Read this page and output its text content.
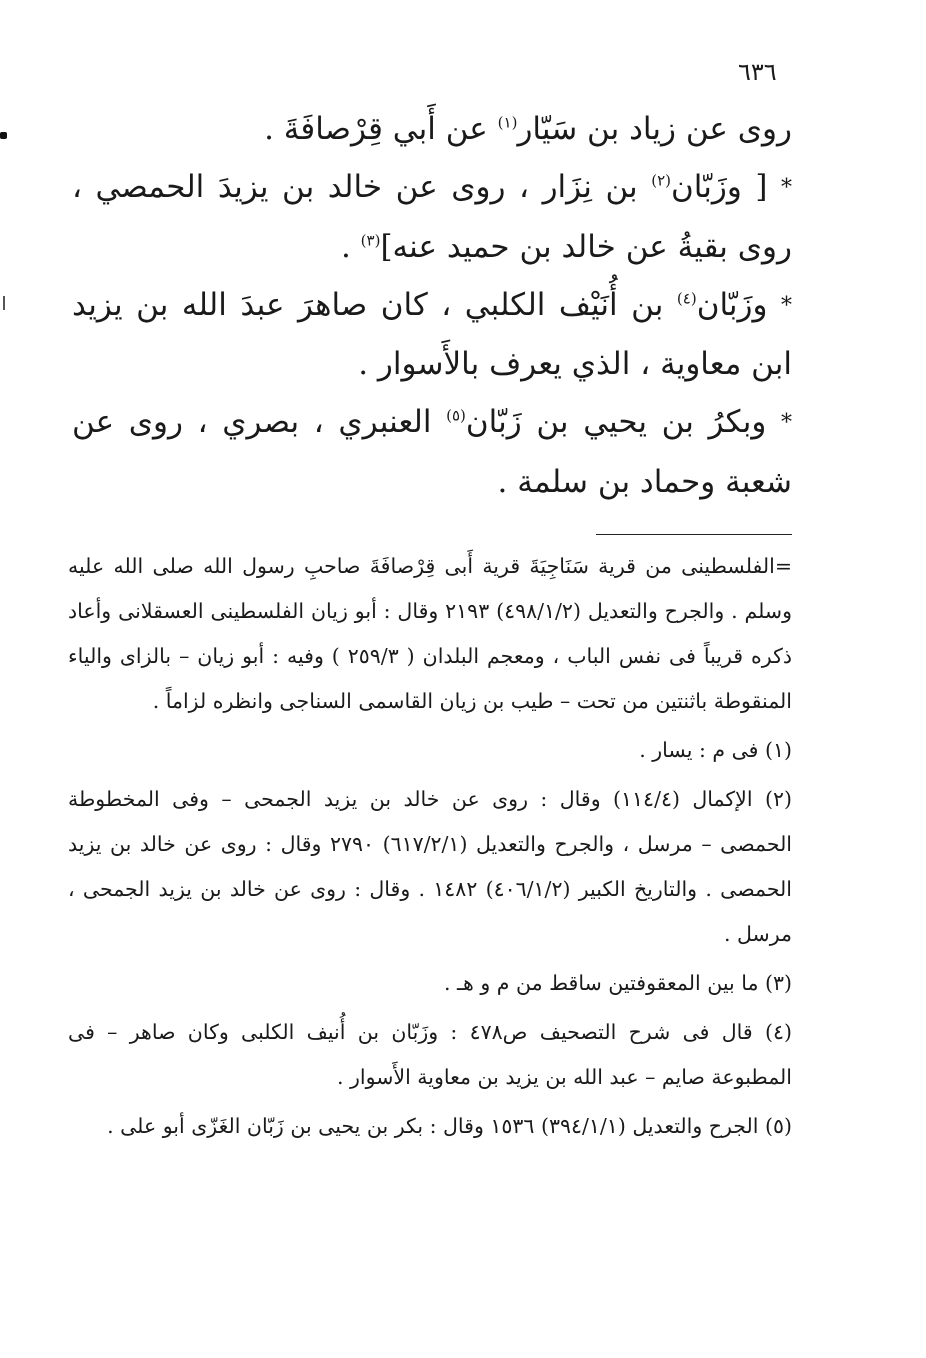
٦٣٦

روى عن زياد بن سَيّار$^{(١)}$ عن أَبي قِرْصافَةَ .

* [ وزَبّان$^{(٢)}$ بن نِزَار ، روى عن خالد بن يزيدَ الحمصي ، روى بقيةُ عن خالد بن حميد عنه]$^{(٣)}$ .

* وزَبّان$^{(٤)}$ بن أُنَيْف الكلبي ، كان صاهرَ عبدَ الله بن يزيد ابن معاوية ، الذي يعرف بالأَسوار .

* وبكرُ بن يحيي بن زَبّان$^{(٥)}$ العنبري ، بصري ، روى عن شعبة وحماد بن سلمة .

=الفلسطينى من قرية سَنَاجِيَةَ قرية أَبى قِرْصافَةَ صاحبِ رسول الله صلى الله عليه وسلم . والجرح والتعديل (٤٩٨/١/٢) ٢١٩٣ وقال : أبو زيان الفلسطينى العسقلانى وأعاد ذكره قريباً فى نفس الباب ، ومعجم البلدان ( ٢٥٩/٣ ) وفيه : أبو زيان – بالزاى والياء المنقوطة باثنتين من تحت – طيب بن زيان القاسمى السناجى وانظره لزاماً .

(١) فى م : يسار .

(٢) الإكمال (١١٤/٤) وقال : روى عن خالد بن يزيد الجمحى – وفى المخطوطة الحمصى – مرسل ، والجرح والتعديل (٦١٧/٢/١) ٢٧٩٠ وقال : روى عن خالد بن يزيد الحمصى . والتاريخ الكبير (٤٠٦/١/٢) ١٤٨٢ . وقال : روى عن خالد بن يزيد الجمحى ، مرسل .

(٣) ما بين المعقوفتين ساقط من م و هـ .

(٤) قال فى شرح التصحيف ص٤٧٨ : وزَبّان بن أُنيف الكلبى وكان صاهر – فى المطبوعة صايم – عبد الله بن يزيد بن معاوية الأَسوار .

(٥) الجرح والتعديل (٣٩٤/١/١) ١٥٣٦ وقال : بكر بن يحيى بن زَبّان الغَزّى أبو على .
